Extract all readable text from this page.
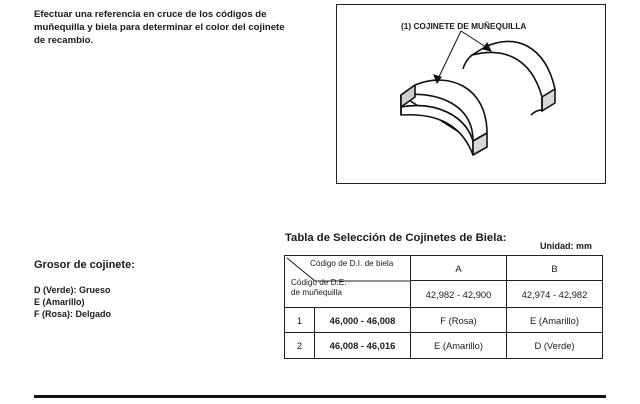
Efectuar una referencia en cruce de los códigos de
muñequilla y biela para determinar el color del cojinete
de recambio.
(1) COJINETE DE MUÑEQUILLA
Grosor de cojinete:
D (Verde): Grueso
E (Amarillo)
F (Rosa): Delgado
Tabla de Selección de Cojinetes de Biela:
Unidad: mm
Código de D.I. de biela
Código de D.E.
de muñequilla		A	B
		42,982 - 42,900	42,974 - 42,982
1	46,000 - 46,008	F (Rosa)	E (Amarillo)
2	46,008 - 46,016	E (Amarillo)	D (Verde)
